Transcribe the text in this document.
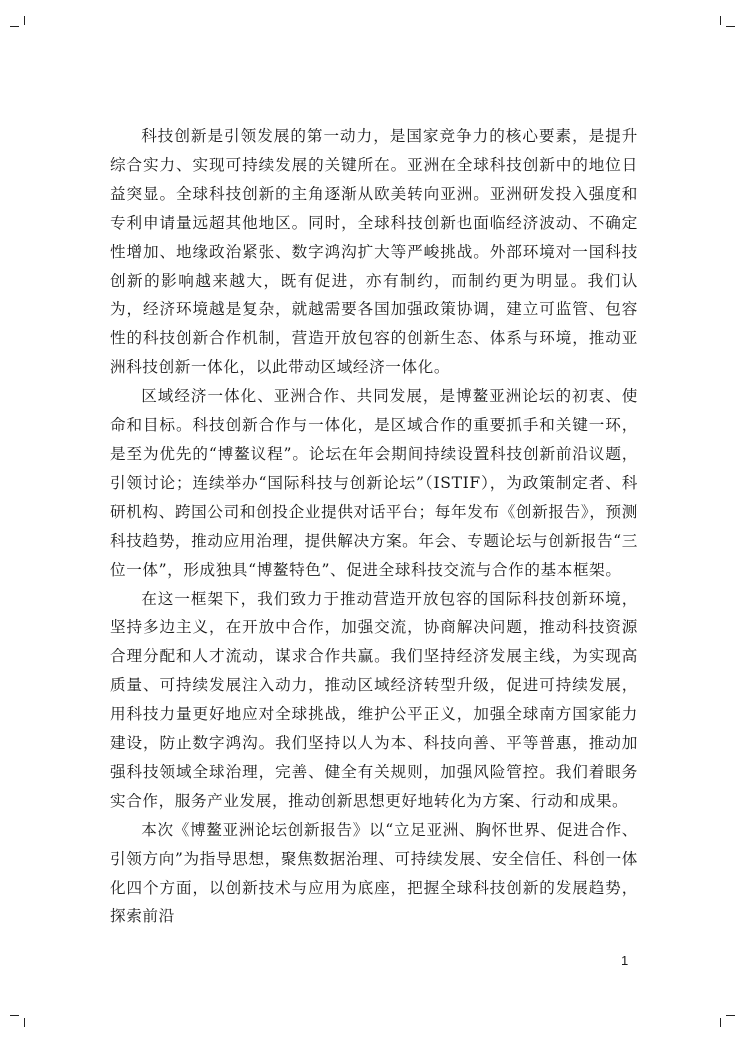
科技创新是引领发展的第一动力，是国家竞争力的核心要素，是提升综合实力、实现可持续发展的关键所在。亚洲在全球科技创新中的地位日益突显。全球科技创新的主角逐渐从欧美转向亚洲。亚洲研发投入强度和专利申请量远超其他地区。同时，全球科技创新也面临经济波动、不确定性增加、地缘政治紧张、数字鸿沟扩大等严峻挑战。外部环境对一国科技创新的影响越来越大，既有促进，亦有制约，而制约更为明显。我们认为，经济环境越是复杂，就越需要各国加强政策协调，建立可监管、包容性的科技创新合作机制，营造开放包容的创新生态、体系与环境，推动亚洲科技创新一体化，以此带动区域经济一体化。

区域经济一体化、亚洲合作、共同发展，是博鳌亚洲论坛的初衷、使命和目标。科技创新合作与一体化，是区域合作的重要抓手和关键一环，是至为优先的“博鳌议程”。论坛在年会期间持续设置科技创新前沿议题，引领讨论；连续举办“国际科技与创新论坛”（ISTIF），为政策制定者、科研机构、跨国公司和创投企业提供对话平台；每年发布《创新报告》，预测科技趋势，推动应用治理，提供解决方案。年会、专题论坛与创新报告“三位一体”，形成独具“博鳌特色”、促进全球科技交流与合作的基本框架。

在这一框架下，我们致力于推动营造开放包容的国际科技创新环境，坚持多边主义，在开放中合作，加强交流，协商解决问题，推动科技资源合理分配和人才流动，谋求合作共赢。我们坚持经济发展主线，为实现高质量、可持续发展注入动力，推动区域经济转型升级，促进可持续发展，用科技力量更好地应对全球挑战，维护公平正义，加强全球南方国家能力建设，防止数字鸿沟。我们坚持以人为本、科技向善、平等普惠，推动加强科技领域全球治理，完善、健全有关规则，加强风险管控。我们着眼务实合作，服务产业发展，推动创新思想更好地转化为方案、行动和成果。

本次《博鳌亚洲论坛创新报告》以“立足亚洲、胸怀世界、促进合作、引领方向”为指导思想，聚焦数据治理、可持续发展、安全信任、科创一体化四个方面，以创新技术与应用为底座，把握全球科技创新的发展趋势，探索前沿

1
